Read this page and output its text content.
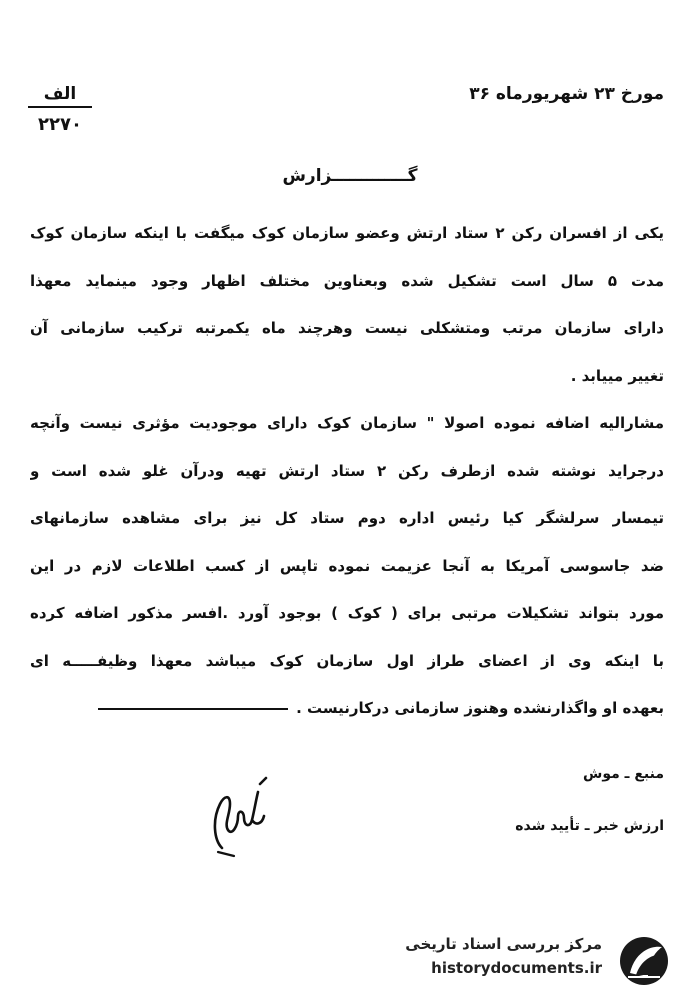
الف
۲۲۷۰
مورخ ۲۳ شهریورماه ۳۶
گـــــــــــــزارش
یکی از افسران رکن ۲ ستاد ارتش وعضو سازمان کوک میگفت با اینکه سازمان کوک
مدت ۵ سال است تشکیل شده وبعناوین مختلف اظهار وجود مینماید معهذا
دارای سازمان مرتب ومتشکلی نیست وهرچند ماه یکمرتبه ترکیب سازمانی آن
تغییر مییابد .
مشارالیه اضافه نموده اصولا " سازمان کوک دارای موجودیت مؤثری نیست وآنچه
درجراید نوشته شده ازطرف رکن ۲ ستاد ارتش تهیه ودرآن غلو شده است و
تیمسار سرلشگر کیا رئیس اداره دوم ستاد کل نیز برای مشاهده سازمانهای
ضد جاسوسی آمریکا به آنجا عزیمت نموده تاپس از کسب اطلاعات لازم در این
مورد بتواند تشکیلات مرتبی برای ( کوک ) بوجود آورد .افسر مذکور اضافه کرده
با اینکه وی از اعضای طراز اول سازمان کوک میباشد معهذا وظیفـــــه ای
بعهده او واگذارنشده وهنوز سازمانی درکارنیست .
منبع ـ موش
ارزش خبر ـ تأیید شده
مرکز بررسی اسناد تاریخی
historydocuments.ir
